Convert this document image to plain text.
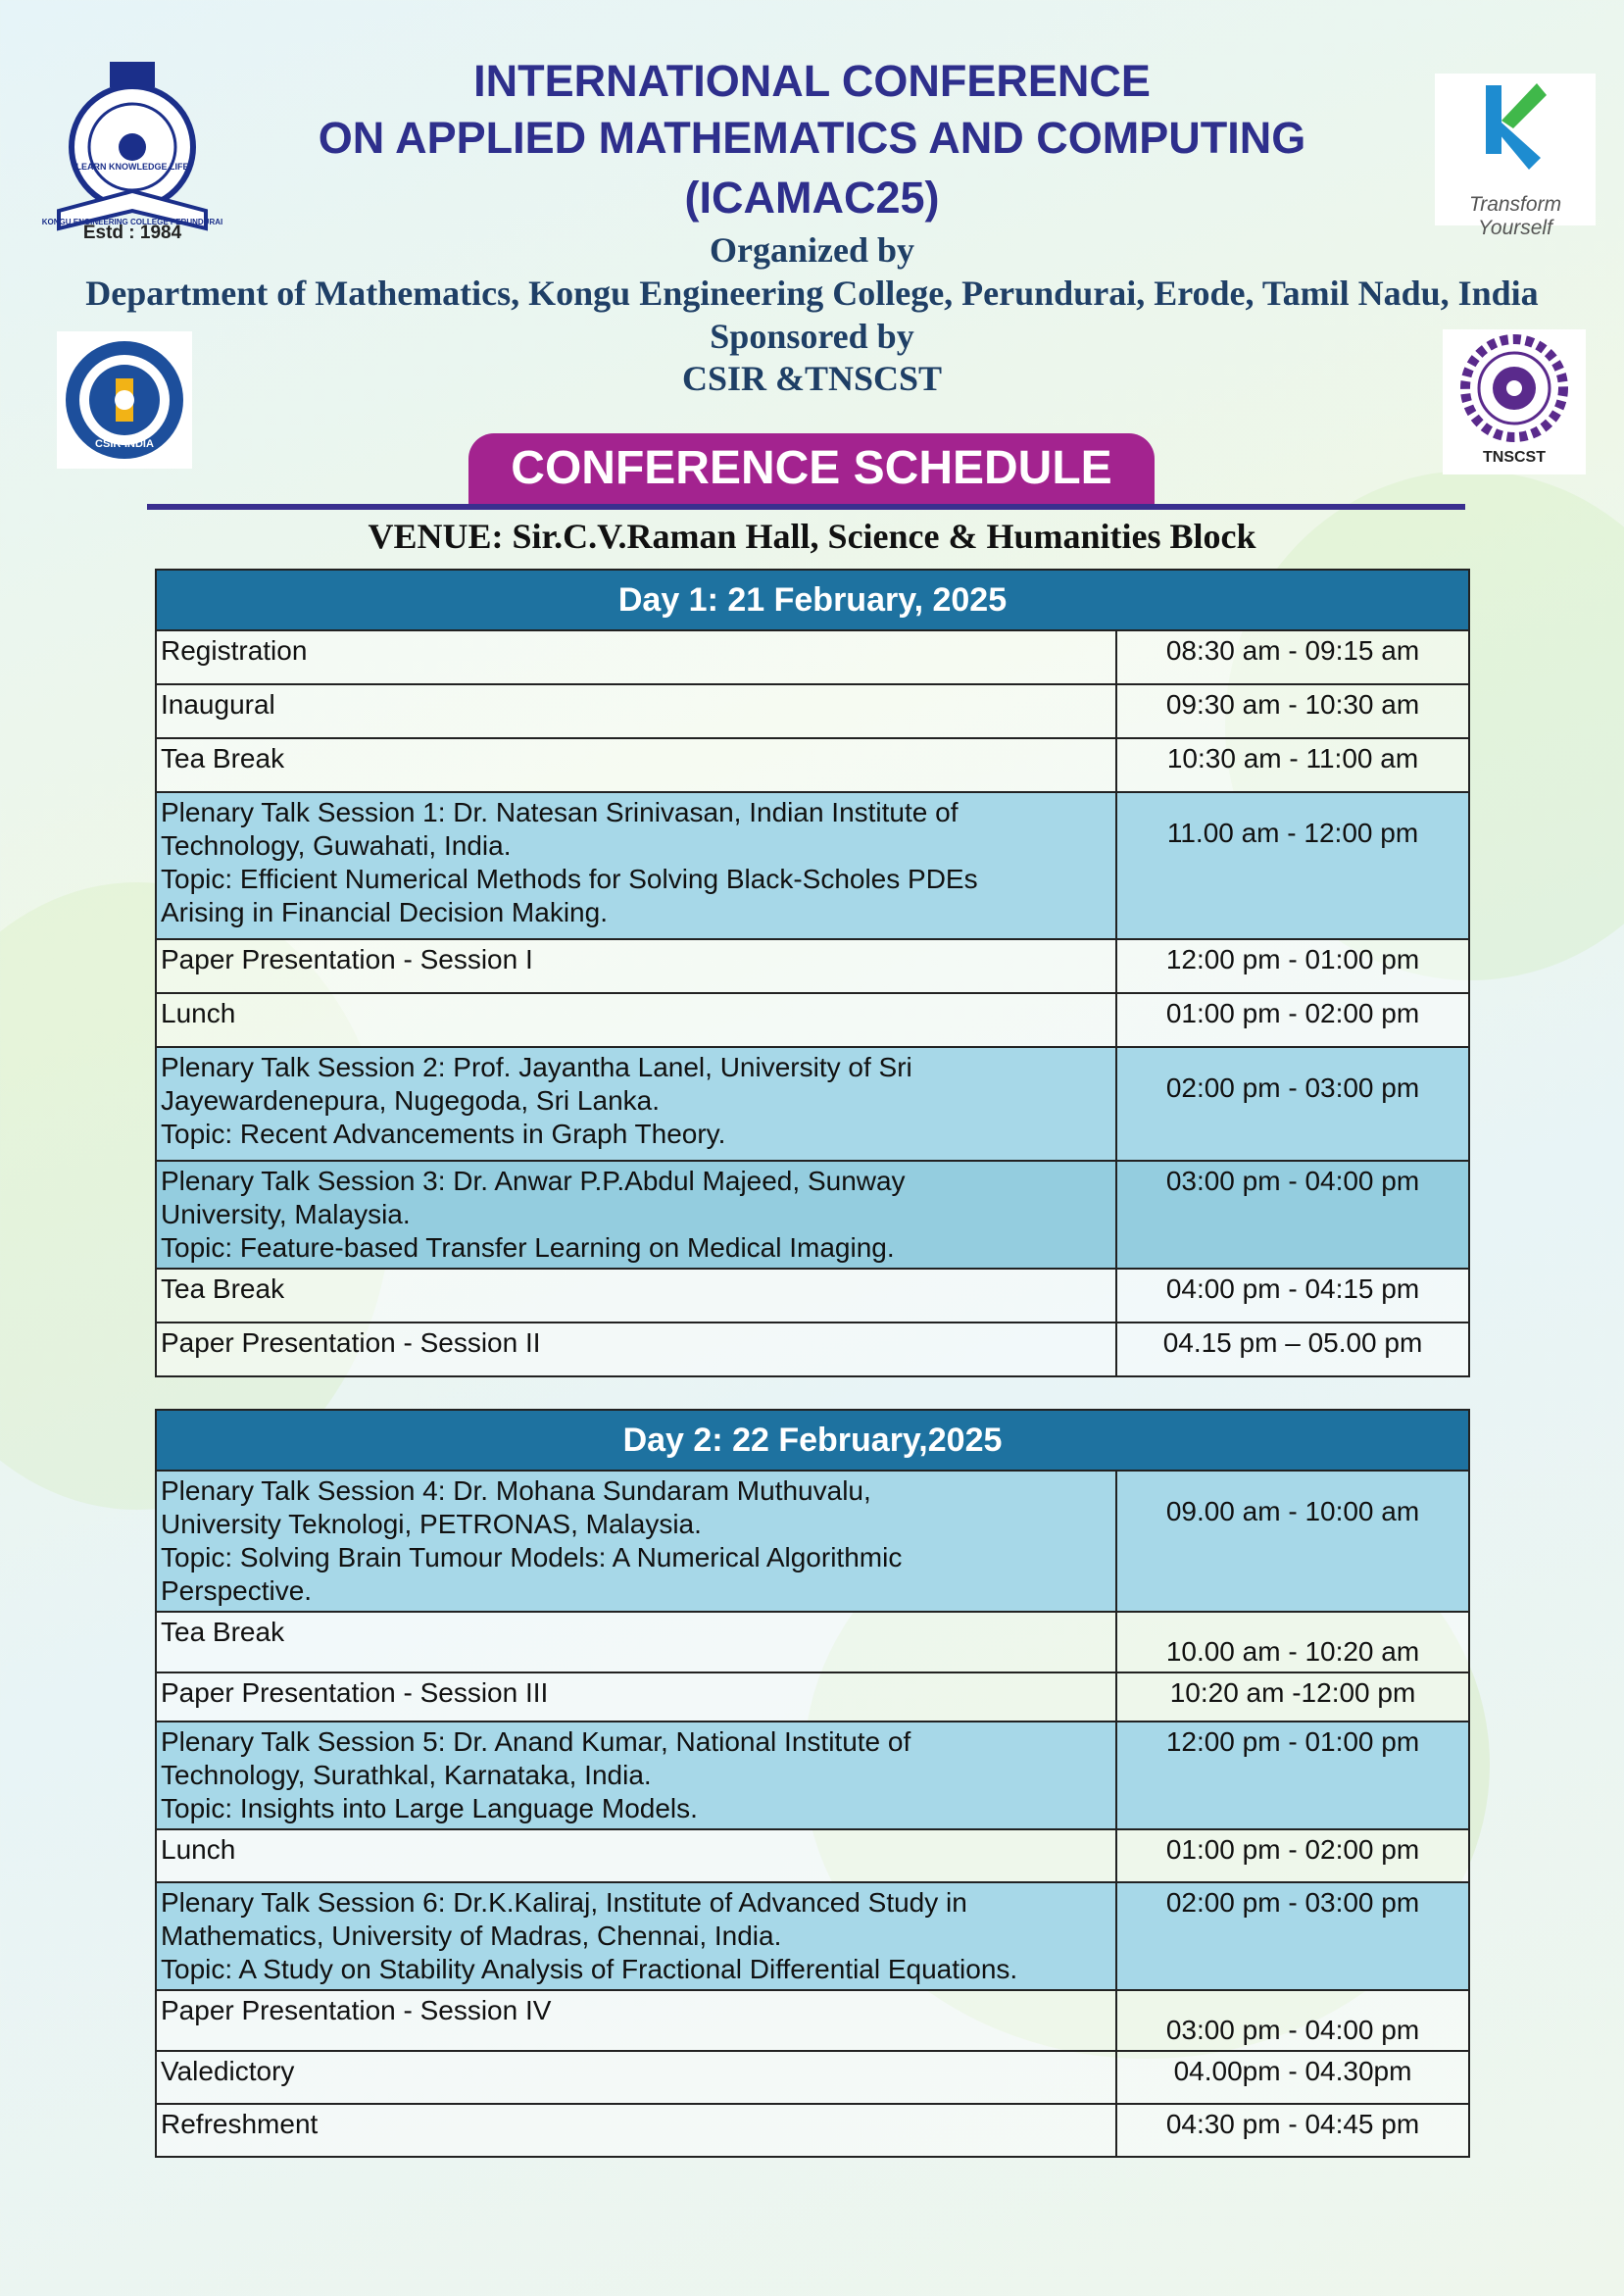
KONGU ENGINEERING COLLEGE PERUNDURAI
LEARN KNOWLEDGE LIFE
Estd : 1984
Transform Yourself
CSIR-INDIA
TNSCST
INTERNATIONAL CONFERENCE
ON APPLIED MATHEMATICS AND COMPUTING
(ICAMAC25)
Organized by
Department of Mathematics, Kongu Engineering College, Perundurai, Erode, Tamil Nadu, India
Sponsored by
CSIR &TNSCST
CONFERENCE SCHEDULE
VENUE: Sir.C.V.Raman Hall, Science & Humanities Block
Day 1: 21 February, 2025	
Registration	08:30 am - 09:15 am
Inaugural	09:30 am - 10:30 am
Tea Break	10:30 am - 11:00 am

Plenary Talk Session 1: Dr. Natesan Srinivasan, Indian Institute of
Technology, Guwahati, India.
Topic: Efficient Numerical Methods for Solving Black-Scholes PDEs
Arising in Financial Decision Making.	11.00 am - 12:00 pm
Paper Presentation - Session I	12:00 pm - 01:00 pm
Lunch	01:00 pm - 02:00 pm

Plenary Talk Session 2: Prof. Jayantha Lanel, University of Sri
Jayewardenepura, Nugegoda, Sri Lanka.
Topic: Recent Advancements in Graph Theory.	02:00 pm - 03:00 pm

Plenary Talk Session 3: Dr. Anwar P.P.Abdul Majeed, Sunway
University, Malaysia.
Topic: Feature-based Transfer Learning on Medical Imaging.	03:00 pm - 04:00 pm
Tea Break	04:00 pm - 04:15 pm
Paper Presentation - Session II	04.15 pm – 05.00 pm
Day 2: 22 February,2025	

Plenary Talk Session 4: Dr. Mohana Sundaram Muthuvalu,
University Teknologi, PETRONAS, Malaysia.
Topic: Solving Brain Tumour Models: A Numerical Algorithmic
Perspective.	09.00 am - 10:00 am
Tea Break	10.00 am - 10:20 am
Paper Presentation - Session III	10:20 am -12:00 pm

Plenary Talk Session 5: Dr. Anand Kumar, National Institute of
Technology, Surathkal, Karnataka, India.
Topic: Insights into Large Language Models.	12:00 pm - 01:00 pm
Lunch	01:00 pm - 02:00 pm

Plenary Talk Session 6: Dr.K.Kaliraj, Institute of Advanced Study in
Mathematics, University of Madras, Chennai, India.
Topic: A Study on Stability Analysis of Fractional Differential Equations.	02:00 pm - 03:00 pm
Paper Presentation - Session IV	03:00 pm - 04:00 pm
Valedictory	04.00pm - 04.30pm
Refreshment	04:30 pm - 04:45 pm
